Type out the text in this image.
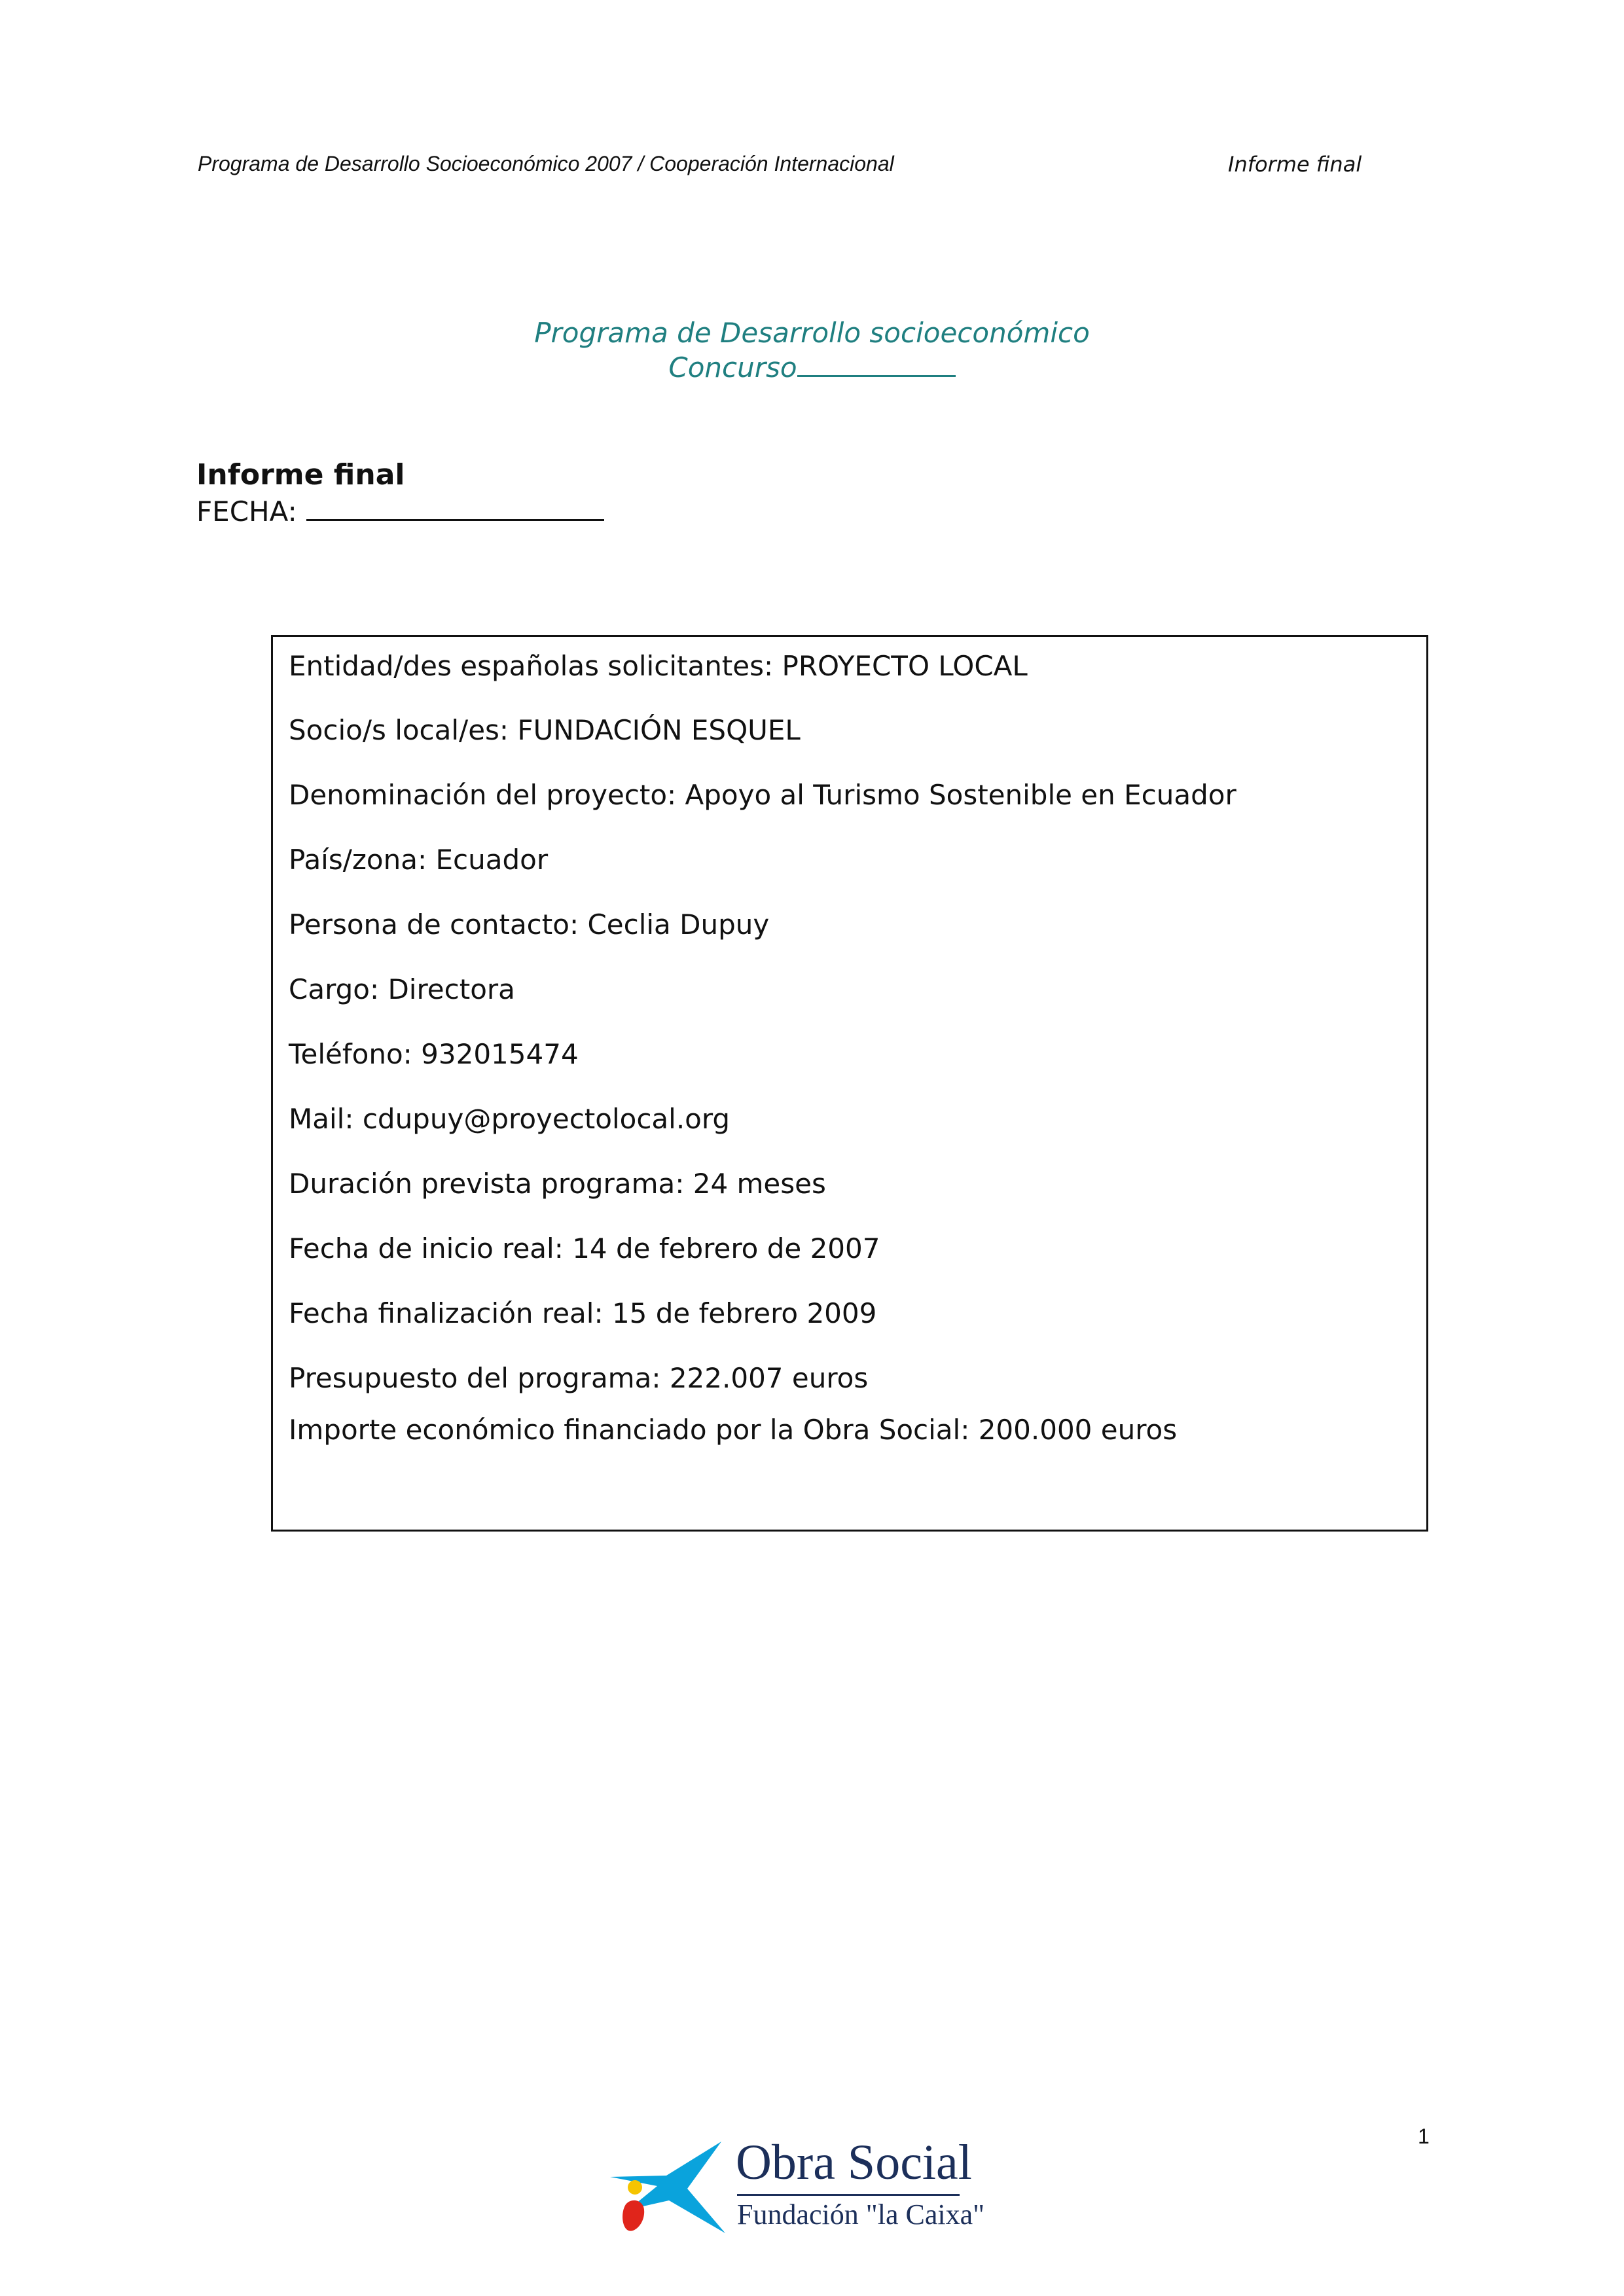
Programa de Desarrollo Socioeconómico 2007 / Cooperación Internacional	Informe final
Programa de Desarrollo socioeconómico
Concurso
Informe final
FECHA:
Entidad/des españolas solicitantes: PROYECTO LOCAL
Socio/s local/es: FUNDACIÓN ESQUEL
Denominación del proyecto: Apoyo al Turismo Sostenible en Ecuador
País/zona: Ecuador
Persona de contacto: Ceclia Dupuy
Cargo: Directora
Teléfono: 932015474
Mail: cdupuy@proyectolocal.org
Duración prevista programa: 24 meses
Fecha de inicio real: 14 de febrero de 2007
Fecha finalización real: 15 de febrero 2009
Presupuesto del programa: 222.007 euros
Importe económico financiado por la Obra Social: 200.000 euros
1
Obra Social
Fundación "la Caixa"
